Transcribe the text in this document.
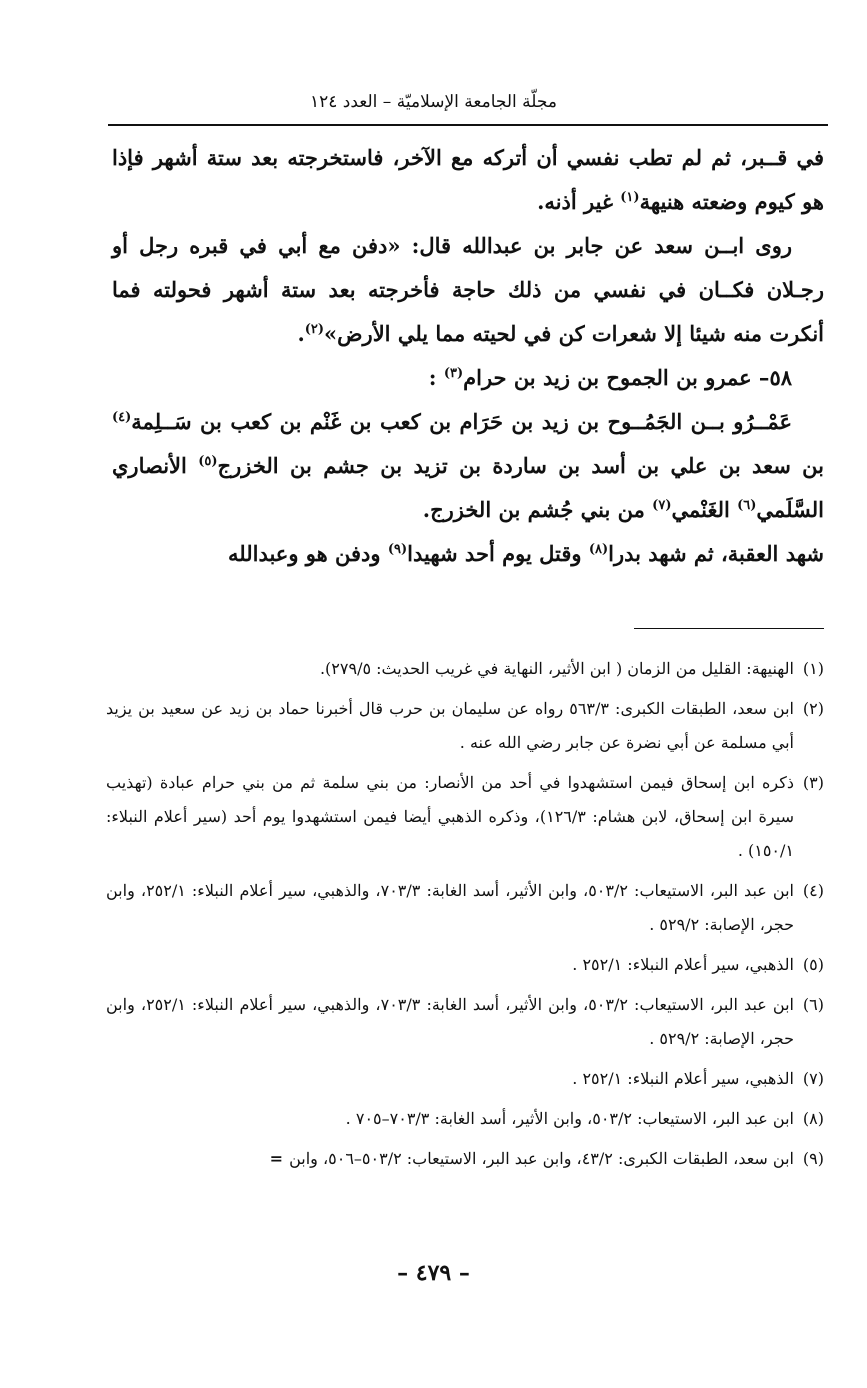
مجلّة الجامعة الإسلاميّة – العدد ١٢٤

في قــبر، ثم لم تطب نفسي أن أتركه مع الآخر، فاستخرجته بعد ستة أشهر فإذا هو كيوم وضعته هنيهة$^{(١)}$ غير أذنه.

روى ابــن سعد عن جابر بن عبدالله قال: «دفن مع أبي في قبره رجل أو رجـلان فكــان في نفسي من ذلك حاجة فأخرجته بعد ستة أشهر فحولته فما أنكرت منه شيئا إلا شعرات كن في لحيته مما يلي الأرض»$^{(٢)}$.

٥٨– عمرو بن الجموح بن زيد بن حرام$^{(٣)}$ :

عَمْــرُو بــن الجَمُــوح بن زيد بن حَرَام بن كعب بن غَنْم بن كعب بن سَــلِمة$^{(٤)}$ بن سعد بن علي بن أسد بن ساردة بن تزيد بن جشم بن الخزرج$^{(٥)}$ الأنصاري السَّلَمي$^{(٦)}$ الغَنْمي$^{(٧)}$ من بني جُشم بن الخزرج.

شهد العقبة، ثم شهد بدرا$^{(٨)}$ وقتل يوم أحد شهيدا$^{(٩)}$ ودفن هو وعبدالله

(١)الهنيهة: القليل من الزمان ( ابن الأثير، النهاية في غريب الحديث: ٢٧٩/٥).
(٢)ابن سعد، الطبقات الكبرى: ٥٦٣/٣ رواه عن سليمان بن حرب قال أخبرنا حماد بن زيد عن سعيد بن يزيد أبي مسلمة عن أبي نضرة عن جابر رضي الله عنه .
(٣)ذكره ابن إسحاق فيمن استشهدوا في أحد من الأنصار: من بني سلمة ثم من بني حرام عبادة (تهذيب سيرة ابن إسحاق، لابن هشام: ١٢٦/٣)، وذكره الذهبي أيضا فيمن استشهدوا يوم أحد (سير أعلام النبلاء: ١٥٠/١) .
(٤)ابن عبد البر، الاستيعاب: ٥٠٣/٢، وابن الأثير، أسد الغابة: ٧٠٣/٣، والذهبي، سير أعلام النبلاء: ٢٥٢/١، وابن حجر، الإصابة: ٥٢٩/٢ .
(٥)الذهبي، سير أعلام النبلاء: ٢٥٢/١ .
(٦)ابن عبد البر، الاستيعاب: ٥٠٣/٢، وابن الأثير، أسد الغابة: ٧٠٣/٣، والذهبي، سير أعلام النبلاء: ٢٥٢/١، وابن حجر، الإصابة: ٥٢٩/٢ .
(٧)الذهبي، سير أعلام النبلاء: ٢٥٢/١ .
(٨)ابن عبد البر، الاستيعاب: ٥٠٣/٢، وابن الأثير، أسد الغابة: ٧٠٣/٣–٧٠٥ .
(٩)ابن سعد، الطبقات الكبرى: ٤٣/٢، وابن عبد البر، الاستيعاب: ٥٠٣/٢–٥٠٦، وابن=
– ٤٧٩ –
